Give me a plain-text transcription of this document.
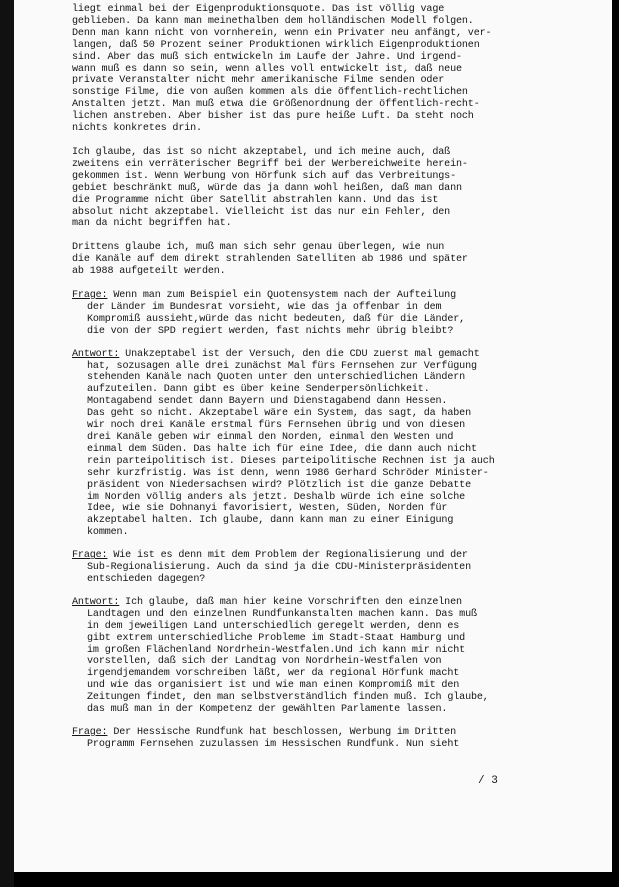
liegt einmal bei der Eigenproduktionsquote. Das ist völlig vage
geblieben. Da kann man meinethalben dem holländischen Modell folgen.
Denn man kann nicht von vornherein, wenn ein Privater neu anfängt, ver-
langen, daß 50 Prozent seiner Produktionen wirklich Eigenproduktionen
sind. Aber das muß sich entwickeln im Laufe der Jahre. Und irgend-
wann muß es dann so sein, wenn alles voll entwickelt ist, daß neue
private Veranstalter nicht mehr amerikanische Filme senden oder
sonstige Filme, die von außen kommen als die öffentlich-rechtlichen
Anstalten jetzt. Man muß etwa die Größenordnung der öffentlich-recht-
lichen anstreben. Aber bisher ist das pure heiße Luft. Da steht noch
nichts konkretes drin.
Ich glaube, das ist so nicht akzeptabel, und ich meine auch, daß
zweitens ein verräterischer Begriff bei der Werbereichweite herein-
gekommen ist. Wenn Werbung von Hörfunk sich auf das Verbreitungs-
gebiet beschränkt muß, würde das ja dann wohl heißen, daß man dann
die Programme nicht über Satellit abstrahlen kann. Und das ist
absolut nicht akzeptabel. Vielleicht ist das nur ein Fehler, den
man da nicht begriffen hat.
Drittens glaube ich, muß man sich sehr genau überlegen, wie nun
die Kanäle auf dem direkt strahlenden Satelliten ab 1986 und später
ab 1988 aufgeteilt werden.
Frage: Wenn man zum Beispiel ein Quotensystem nach der Aufteilung
der Länder im Bundesrat vorsieht, wie das ja offenbar in dem
Kompromiß aussieht,würde das nicht bedeuten, daß für die Länder,
die von der SPD regiert werden, fast nichts mehr übrig bleibt?
Antwort: Unakzeptabel ist der Versuch, den die CDU zuerst mal gemacht
hat, sozusagen alle drei zunächst Mal fürs Fernsehen zur Verfügung
stehenden Kanäle nach Quoten unter den unterschiedlichen Ländern
aufzuteilen. Dann gibt es über keine Senderpersönlichkeit.
Montagabend sendet dann Bayern und Dienstagabend dann Hessen.
Das geht so nicht. Akzeptabel wäre ein System, das sagt, da haben
wir noch drei Kanäle erstmal fürs Fernsehen übrig und von diesen
drei Kanäle geben wir einmal den Norden, einmal den Westen und
einmal dem Süden. Das halte ich für eine Idee, die dann auch nicht
rein parteipolitisch ist. Dieses parteipolitische Rechnen ist ja auch
sehr kurzfristig. Was ist denn, wenn 1986 Gerhard Schröder Minister-
präsident von Niedersachsen wird? Plötzlich ist die ganze Debatte
im Norden völlig anders als jetzt. Deshalb würde ich eine solche
Idee, wie sie Dohnanyi favorisiert, Westen, Süden, Norden für
akzeptabel halten. Ich glaube, dann kann man zu einer Einigung
kommen.
Frage: Wie ist es denn mit dem Problem der Regionalisierung und der
Sub-Regionalisierung. Auch da sind ja die CDU-Ministerpräsidenten
entschieden dagegen?
Antwort: Ich glaube, daß man hier keine Vorschriften den einzelnen
Landtagen und den einzelnen Rundfunkanstalten machen kann. Das muß
in dem jeweiligen Land unterschiedlich geregelt werden, denn es
gibt extrem unterschiedliche Probleme im Stadt-Staat Hamburg und
im großen Flächenland Nordrhein-Westfalen.Und ich kann mir nicht
vorstellen, daß sich der Landtag von Nordrhein-Westfalen von
irgendjemandem vorschreiben läßt, wer da regional Hörfunk macht
und wie das organisiert ist und wie man einen Kompromiß mit den
Zeitungen findet, den man selbstverständlich finden muß. Ich glaube,
das muß man in der Kompetenz der gewählten Parlamente lassen.
Frage: Der Hessische Rundfunk hat beschlossen, Werbung im Dritten
Programm Fernsehen zuzulassen im Hessischen Rundfunk. Nun sieht
/ 3
